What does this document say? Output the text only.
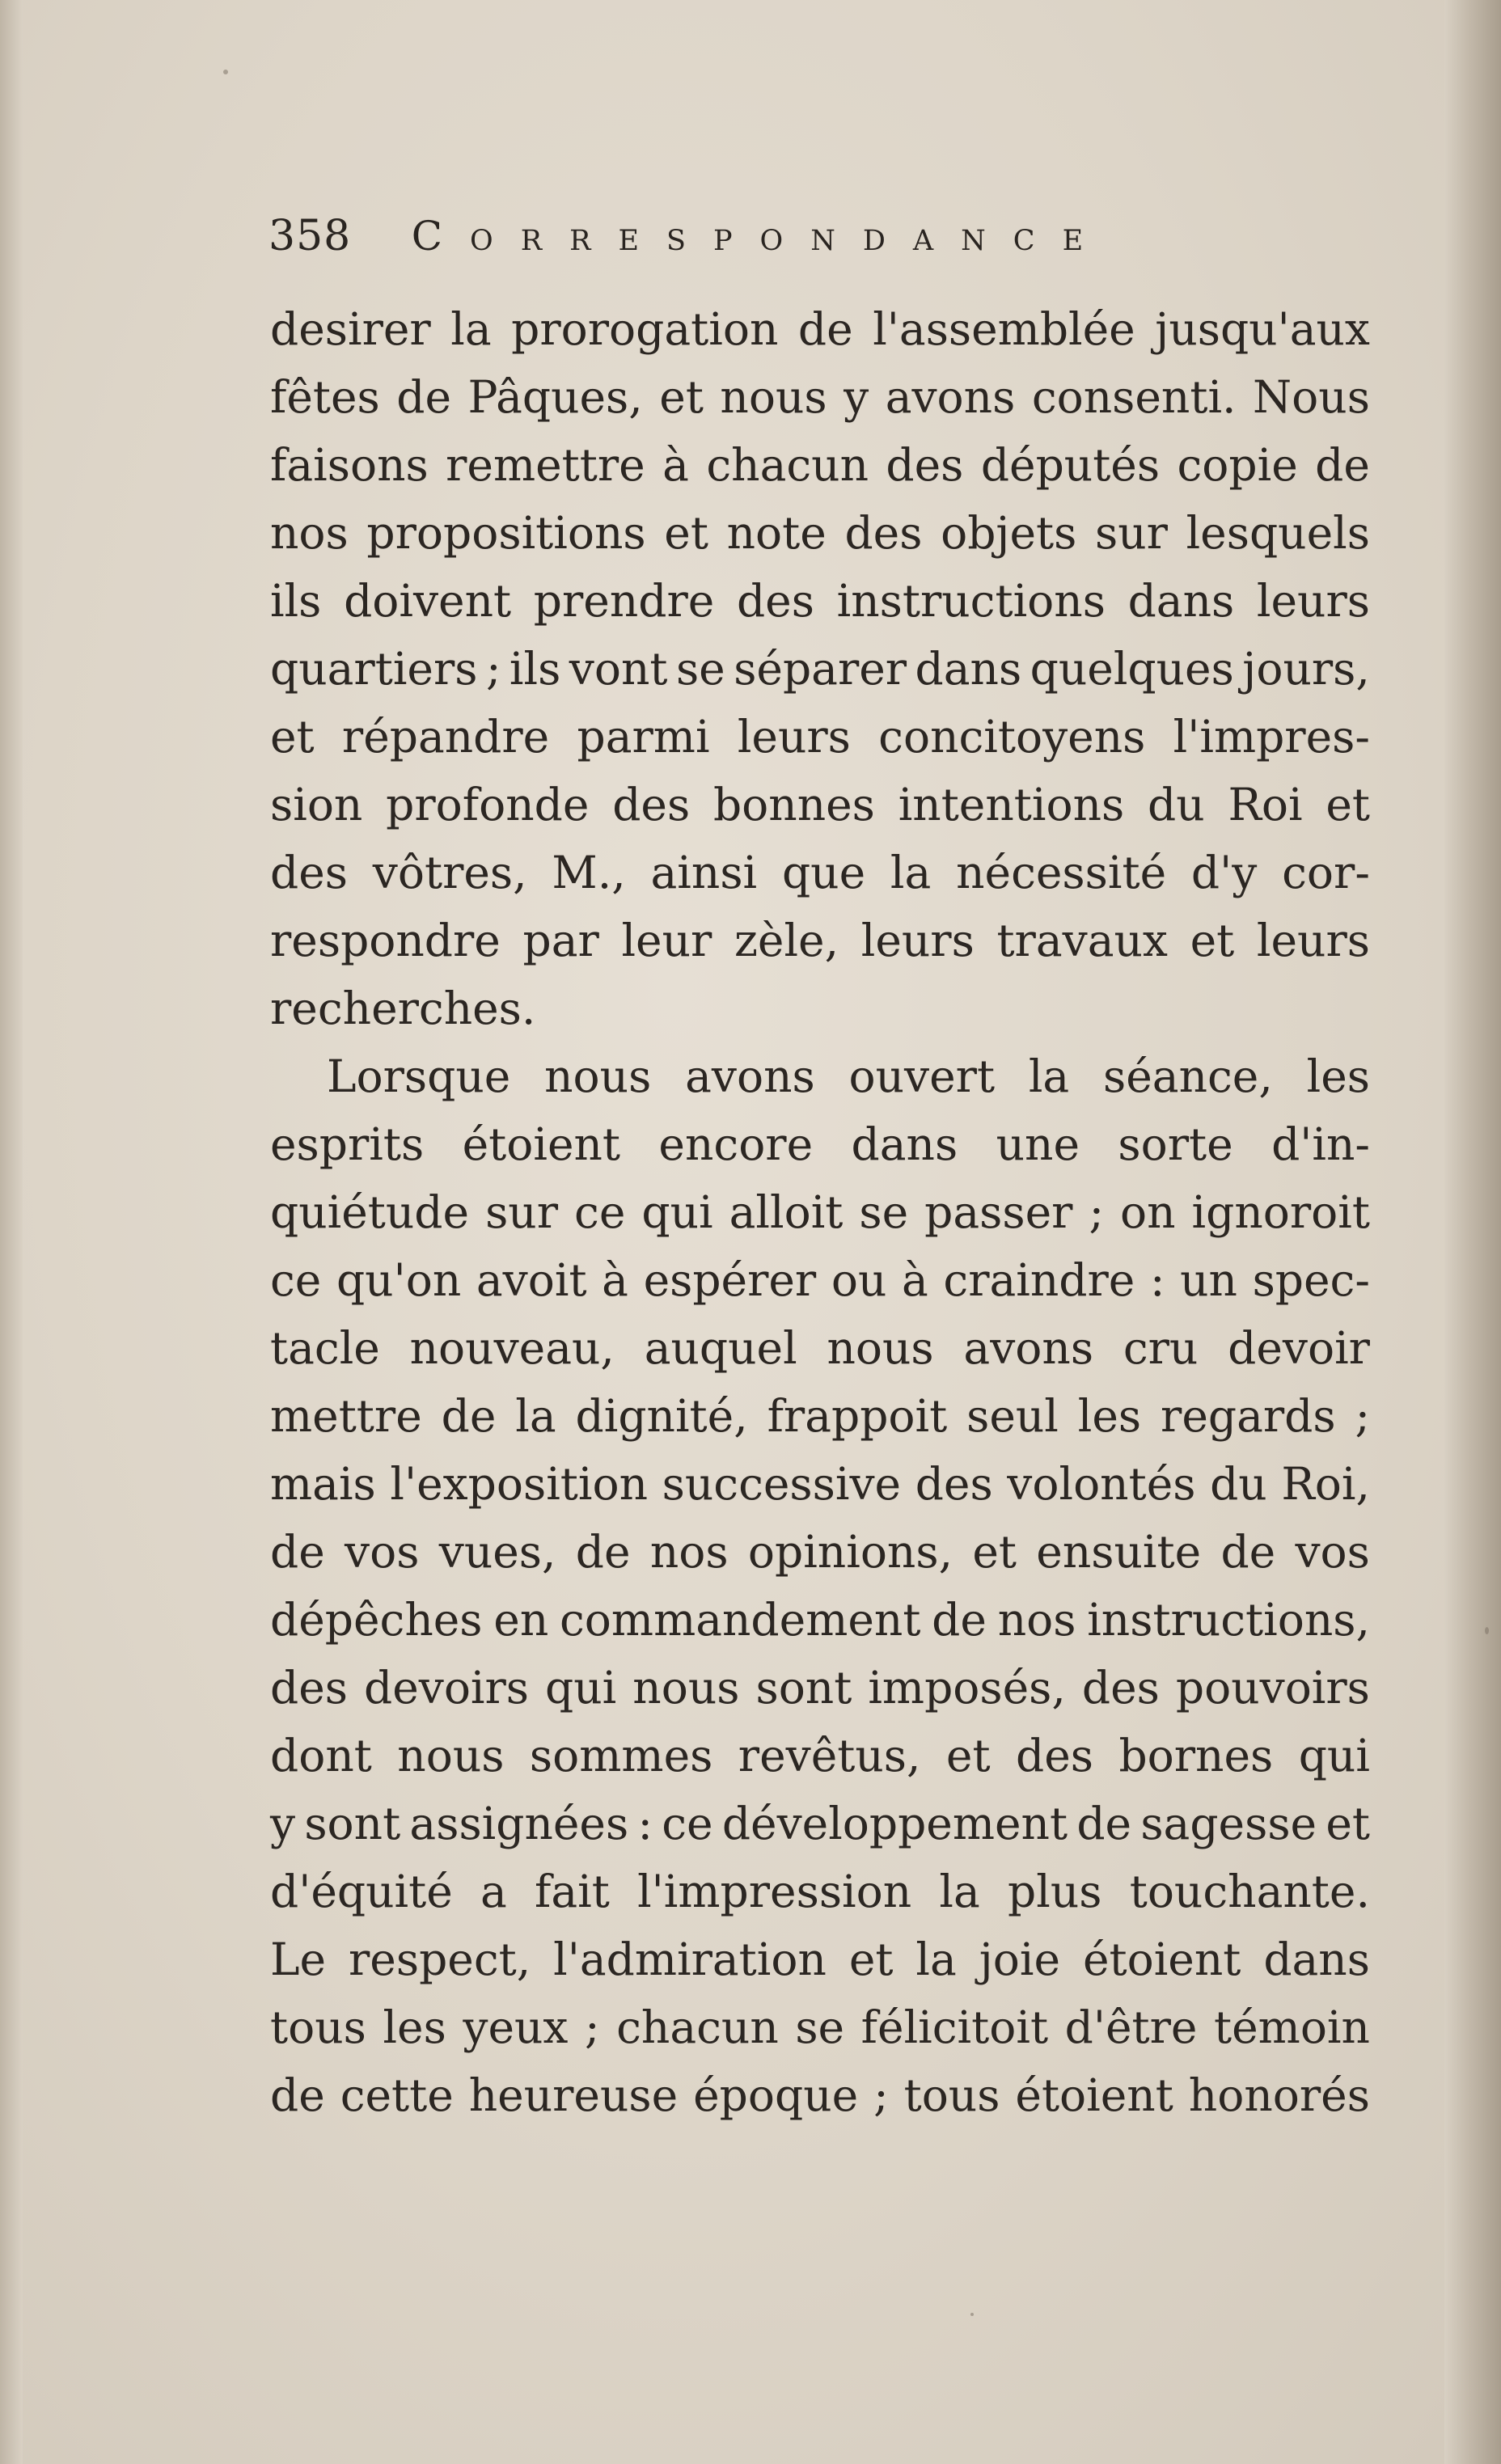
358 Correspondance
desirer la prorogation de l'assemblée jusqu'aux
fêtes de Pâques, et nous y avons consenti. Nous
faisons remettre à chacun des députés copie de
nos propositions et note des objets sur lesquels
ils doivent prendre des instructions dans leurs
quartiers ; ils vont se séparer dans quelques jours,
et répandre parmi leurs concitoyens l'impres-
sion profonde des bonnes intentions du Roi et
des vôtres, M., ainsi que la nécessité d'y cor-
respondre par leur zèle, leurs travaux et leurs
recherches.
Lorsque nous avons ouvert la séance, les
esprits étoient encore dans une sorte d'in-
quiétude sur ce qui alloit se passer ; on ignoroit
ce qu'on avoit à espérer ou à craindre : un spec-
tacle nouveau, auquel nous avons cru devoir
mettre de la dignité, frappoit seul les regards ;
mais l'exposition successive des volontés du Roi,
de vos vues, de nos opinions, et ensuite de vos
dépêches en commandement de nos instructions,
des devoirs qui nous sont imposés, des pouvoirs
dont nous sommes revêtus, et des bornes qui
y sont assignées : ce développement de sagesse et
d'équité a fait l'impression la plus touchante.
Le respect, l'admiration et la joie étoient dans
tous les yeux ; chacun se félicitoit d'être témoin
de cette heureuse époque ; tous étoient honorés
